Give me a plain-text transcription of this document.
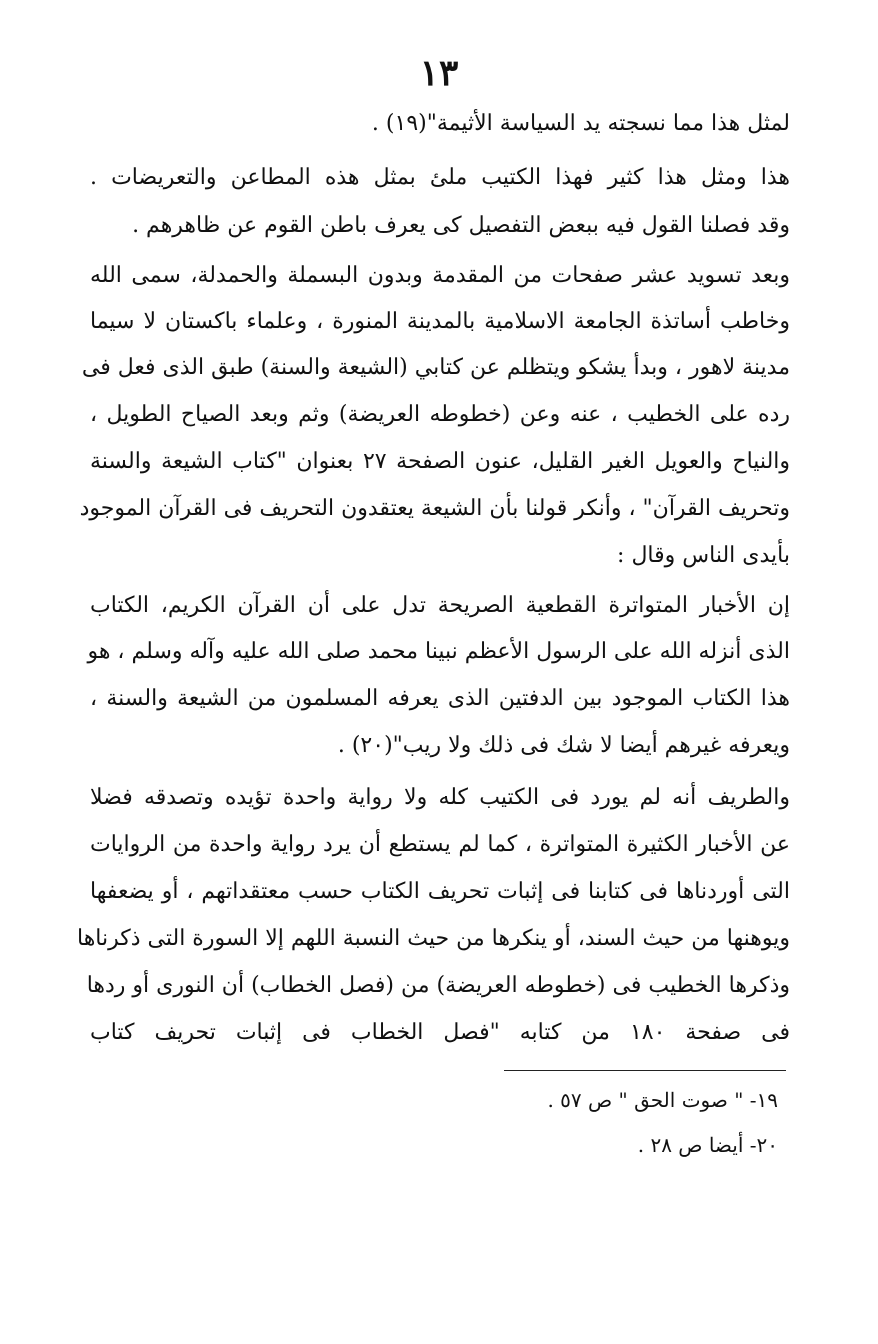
١٣
لمثل هذا مما نسجته يد السياسة الأثيمة"(١٩) .
هذا ومثل هذا كثير فهذا الكتيب ملئ بمثل هذه المطاعن والتعريضات .
وقد فصلنا القول فيه ببعض التفصيل كى يعرف باطن القوم عن ظاهرهم .
وبعد تسويد عشر صفحات من المقدمة وبدون البسملة والحمدلة، سمى الله
وخاطب أساتذة الجامعة الاسلامية بالمدينة المنورة ، وعلماء باكستان لا سيما
مدينة لاهور ، وبدأ يشكو ويتظلم عن كتابي (الشيعة والسنة) طبق الذى فعل فى
رده على الخطيب ، عنه وعن (خطوطه العريضة) وثم وبعد الصياح الطويل ،
والنياح والعويل الغير القليل، عنون الصفحة ٢٧ بعنوان "كتاب الشيعة والسنة
وتحريف القرآن" ، وأنكر قولنا بأن الشيعة يعتقدون التحريف فى القرآن الموجود
بأيدى الناس وقال :
إن الأخبار المتواترة القطعية الصريحة تدل على أن القرآن الكريم، الكتاب
الذى أنزله الله على الرسول الأعظم نبينا محمد صلى الله عليه وآله وسلم ، هو
هذا الكتاب الموجود بين الدفتين الذى يعرفه المسلمون من الشيعة والسنة ،
ويعرفه غيرهم أيضا لا شك فى ذلك ولا ريب"(٢٠) .
والطريف أنه لم يورد فى الكتيب كله ولا رواية واحدة تؤيده وتصدقه فضلا
عن الأخبار الكثيرة المتواترة ، كما لم يستطع أن يرد رواية واحدة من الروايات
التى أوردناها فى كتابنا فى إثبات تحريف الكتاب حسب معتقداتهم ، أو يضعفها
ويوهنها من حيث السند، أو ينكرها من حيث النسبة اللهم إلا السورة التى ذكرناها
وذكرها الخطيب فى (خطوطه العريضة) من (فصل الخطاب) أن النورى أو ردها
فى صفحة ١٨٠ من كتابه "فصل الخطاب فى إثبات تحريف كتاب
١٩- " صوت الحق " ص ٥٧ .
٢٠- أيضا ص ٢٨ .
